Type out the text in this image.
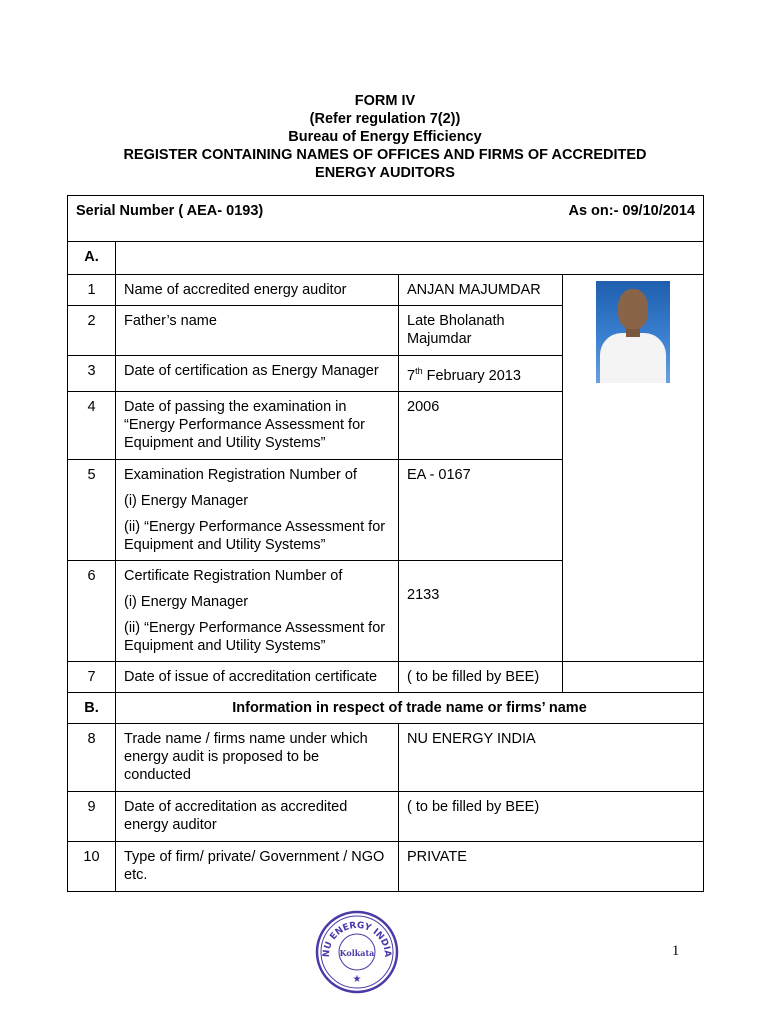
FORM IV
(Refer regulation 7(2))
Bureau of Energy Efficiency
REGISTER CONTAINING NAMES OF OFFICES AND FIRMS OF ACCREDITED
ENERGY AUDITORS
Serial Number ( AEA- 0193) As on:- 09/10/2014			

A.			
1	Name of accredited energy auditor	ANJAN MAJUMDAR	

2	Father’s name	Late Bholanath Majumdar	
3	Date of certification as Energy Manager	7th February 2013	
4	Date of passing the examination in “Energy Performance Assessment for Equipment and Utility Systems”	2006	
5	Examination Registration Number of
(i) Energy Manager
(ii) “Energy Performance Assessment for Equipment and Utility Systems”	EA - 0167	
6	Certificate Registration Number of
(i) Energy Manager
(ii) “Energy Performance Assessment for Equipment and Utility Systems”	2133	
7	Date of issue of accreditation certificate	( to be filled by BEE)	
B.	Information in respect of trade name or firms’ name		
8	Trade name / firms name under which energy audit is proposed to be conducted	NU ENERGY INDIA	
9	Date of accreditation as accredited energy auditor	( to be filled by BEE)	
10	Type of firm/ private/ Government / NGO etc.	PRIVATE	
NU ENERGY INDIA
Kolkata
★
1
